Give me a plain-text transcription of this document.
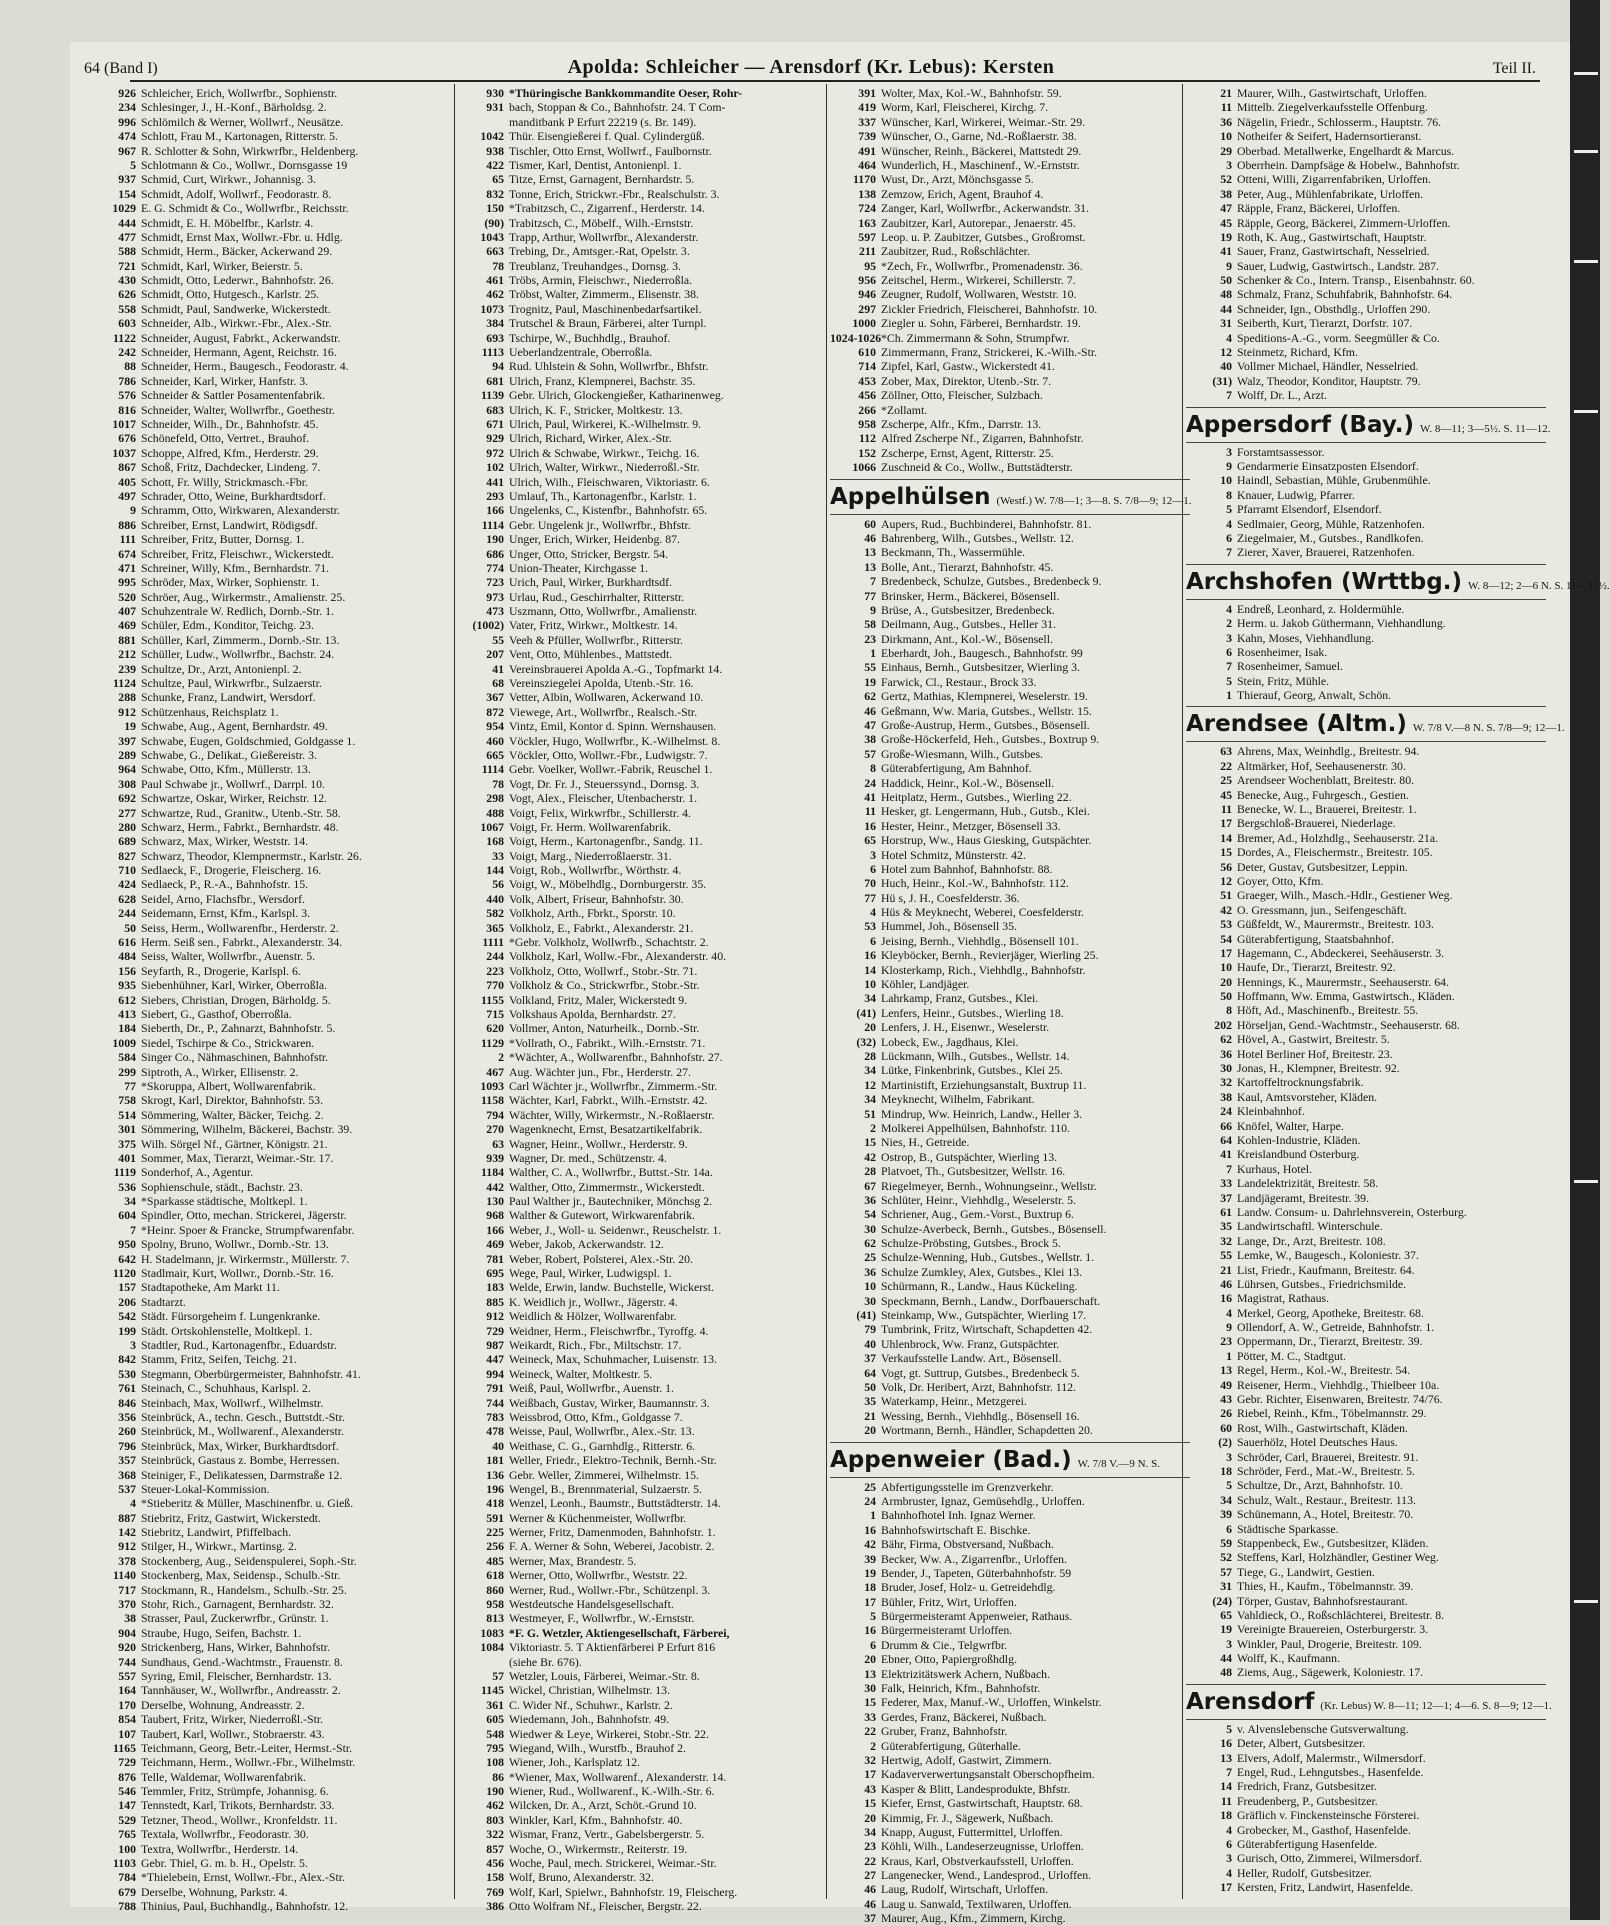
64 (Band I)	Apolda: Schleicher — Arensdorf (Kr. Lebus): Kersten	Teil II.
926 Schleicher, Erich, Wollwrfbr., Sophienstr.
234 Schlesinger, J., H.-Konf., Bärholdsg. 2.
996 Schlömilch & Werner, Wollwrf., Neusätze.
474 Schlott, Frau M., Kartonagen, Ritterstr. 5.
967 R. Schlotter & Sohn, Wirkwrfbr., Heldenberg.
5 Schlotmann & Co., Wollwr., Dornsgasse 19
937 Schmid, Curt, Wirkwr., Johannisg. 3.
154 Schmidt, Adolf, Wollwrf., Feodorastr. 8.
1029 E. G. Schmidt & Co., Wollwrfbr., Reichsstr.
444 Schmidt, E. H. Möbelfbr., Karlstr. 4.
477 Schmidt, Ernst Max, Wollwr.-Fbr. u. Hdlg.
588 Schmidt, Herm., Bäcker, Ackerwand 29.
721 Schmidt, Karl, Wirker, Beierstr. 5.
430 Schmidt, Otto, Lederwr., Bahnhofstr. 26.
626 Schmidt, Otto, Hutgesch., Karlstr. 25.
558 Schmidt, Paul, Sandwerke, Wickerstedt.
603 Schneider, Alb., Wirkwr.-Fbr., Alex.-Str.
1122 Schneider, August, Fabrkt., Ackerwandstr.
242 Schneider, Hermann, Agent, Reichstr. 16.
88 Schneider, Herm., Baugesch., Feodorastr. 4.
786 Schneider, Karl, Wirker, Hanfstr. 3.
576 Schneider & Sattler Posamentenfabrik.
816 Schneider, Walter, Wollwrfbr., Goethestr.
1017 Schneider, Wilh., Dr., Bahnhofstr. 45.
676 Schönefeld, Otto, Vertret., Brauhof.
1037 Schoppe, Alfred, Kfm., Herderstr. 29.
867 Schoß, Fritz, Dachdecker, Lindeng. 7.
405 Schott, Fr. Willy, Strickmasch.-Fbr.
497 Schrader, Otto, Weine, Burkhardtsdorf.
9 Schramm, Otto, Wirkwaren, Alexanderstr.
886 Schreiber, Ernst, Landwirt, Rödigsdf.
111 Schreiber, Fritz, Butter, Dornsg. 1.
674 Schreiber, Fritz, Fleischwr., Wickerstedt.
471 Schreiner, Willy, Kfm., Bernhardstr. 71.
995 Schröder, Max, Wirker, Sophienstr. 1.
520 Schröer, Aug., Wirkermstr., Amalienstr. 25.
407 Schuhzentrale W. Redlich, Dornb.-Str. 1.
469 Schüler, Edm., Konditor, Teichg. 23.
881 Schüller, Karl, Zimmerm., Dornb.-Str. 13.
212 Schüller, Ludw., Wollwrfbr., Bachstr. 24.
239 Schultze, Dr., Arzt, Antonienpl. 2.
1124 Schultze, Paul, Wirkwrfbr., Sulzaerstr.
288 Schunke, Franz, Landwirt, Wersdorf.
912 Schützenhaus, Reichsplatz 1.
19 Schwabe, Aug., Agent, Bernhardstr. 49.
397 Schwabe, Eugen, Goldschmied, Goldgasse 1.
289 Schwabe, G., Delikat., Gießereistr. 3.
964 Schwabe, Otto, Kfm., Müllerstr. 13.
308 Paul Schwabe jr., Wollwrf., Darrpl. 10.
692 Schwartze, Oskar, Wirker, Reichstr. 12.
277 Schwartze, Rud., Granitw., Utenb.-Str. 58.
280 Schwarz, Herm., Fabrkt., Bernhardstr. 48.
689 Schwarz, Max, Wirker, Weststr. 14.
827 Schwarz, Theodor, Klempnermstr., Karlstr. 26.
710 Sedlaeck, F., Drogerie, Fleischerg. 16.
424 Sedlaeck, P., R.-A., Bahnhofstr. 15.
628 Seidel, Arno, Flachsfbr., Wersdorf.
244 Seidemann, Ernst, Kfm., Karlspl. 3.
50 Seiss, Herm., Wollwarenfbr., Herderstr. 2.
616 Herm. Seiß sen., Fabrkt., Alexanderstr. 34.
484 Seiss, Walter, Wollwrfbr., Auenstr. 5.
156 Seyfarth, R., Drogerie, Karlspl. 6.
935 Siebenhühner, Karl, Wirker, Oberroßla.
612 Siebers, Christian, Drogen, Bärholdg. 5.
413 Siebert, G., Gasthof, Oberroßla.
184 Sieberth, Dr., P., Zahnarzt, Bahnhofstr. 5.
1009 Siedel, Tschirpe & Co., Strickwaren.
584 Singer Co., Nähmaschinen, Bahnhofstr.
299 Siptroth, A., Wirker, Ellisenstr. 2.
77 *Skoruppa, Albert, Wollwarenfabrik.
758 Skrogt, Karl, Direktor, Bahnhofstr. 53.
514 Sömmering, Walter, Bäcker, Teichg. 2.
301 Sömmering, Wilhelm, Bäckerei, Bachstr. 39.
375 Wilh. Sörgel Nf., Gärtner, Königstr. 21.
401 Sommer, Max, Tierarzt, Weimar.-Str. 17.
1119 Sonderhof, A., Agentur.
536 Sophienschule, städt., Bachstr. 23.
34 *Sparkasse städtische, Moltkepl. 1.
604 Spindler, Otto, mechan. Strickerei, Jägerstr.
7 *Heinr. Spoer & Francke, Strumpfwarenfabr.
950 Spolny, Bruno, Wollwr., Dornb.-Str. 13.
642 H. Stadelmann, jr. Wirkermstr., Müllerstr. 7.
1120 Stadlmair, Kurt, Wollwr., Dornb.-Str. 16.
157 Stadtapotheke, Am Markt 11.
206 Stadtarzt.
542 Städt. Fürsorgeheim f. Lungenkranke.
199 Städt. Ortskohlenstelle, Moltkepl. 1.
3 Stadtler, Rud., Kartonagenfbr., Eduardstr.
842 Stamm, Fritz, Seifen, Teichg. 21.
530 Stegmann, Oberbürgermeister, Bahnhofstr. 41.
761 Steinach, C., Schuhhaus, Karlspl. 2.
846 Steinbach, Max, Wollwrf., Wilhelmstr.
356 Steinbrück, A., techn. Gesch., Buttstdt.-Str.
260 Steinbrück, M., Wollwarenf., Alexanderstr.
796 Steinbrück, Max, Wirker, Burkhardtsdorf.
357 Steinbrück, Gastaus z. Bombe, Herressen.
368 Steiniger, F., Delikatessen, Darmstraße 12.
537 Steuer-Lokal-Kommission.
4 *Stieberitz & Müller, Maschinenfbr. u. Gieß.
887 Stiebritz, Fritz, Gastwirt, Wickerstedt.
142 Stiebritz, Landwirt, Pfiffelbach.
912 Stilger, H., Wirkwr., Martinsg. 2.
378 Stockenberg, Aug., Seidenspulerei, Soph.-Str.
1140 Stockenberg, Max, Seidensp., Schulb.-Str.
717 Stockmann, R., Handelsm., Schulb.-Str. 25.
370 Stohr, Rich., Garnagent, Bernhardstr. 32.
38 Strasser, Paul, Zuckerwrfbr., Grünstr. 1.
904 Straube, Hugo, Seifen, Bachstr. 1.
920 Strickenberg, Hans, Wirker, Bahnhofstr.
744 Sundhaus, Gend.-Wachtmstr., Frauenstr. 8.
557 Syring, Emil, Fleischer, Bernhardstr. 13.
164 Tannhäuser, W., Wollwrfbr., Andreasstr. 2.
170 Derselbe, Wohnung, Andreasstr. 2.
854 Taubert, Fritz, Wirker, Niederroßl.-Str.
107 Taubert, Karl, Wollwr., Stobraerstr. 43.
1165 Teichmann, Georg, Betr.-Leiter, Hermst.-Str.
729 Teichmann, Herm., Wollwr.-Fbr., Wilhelmstr.
876 Telle, Waldemar, Wollwarenfabrik.
546 Temmler, Fritz, Strümpfe, Johannisg. 6.
147 Tennstedt, Karl, Trikots, Bernhardstr. 33.
529 Tetzner, Theod., Wollwr., Kronfeldstr. 11.
765 Textala, Wollwrfbr., Feodorastr. 30.
100 Textra, Wollwrfbr., Herderstr. 14.
1103 Gebr. Thiel, G. m. b. H., Opelstr. 5.
784 *Thielebein, Ernst, Wollwr.-Fbr., Alex.-Str.
679 Derselbe, Wohnung, Parkstr. 4.
788 Thinius, Paul, Buchhandlg., Bahnhofstr. 12.
930 *Thüringische Bankkommandite Oeser, Rohr-
931 bach, Stoppan & Co., Bahnhofstr. 24. T Com-
manditbank P Erfurt 22219 (s. Br. 149).
1042 Thür. Eisengießerei f. Qual. Cylindergüß.
938 Tischler, Otto Ernst, Wollwrf., Faulbornstr.
422 Tismer, Karl, Dentist, Antonienpl. 1.
65 Titze, Ernst, Garnagent, Bernhardstr. 5.
832 Tonne, Erich, Strickwr.-Fbr., Realschulstr. 3.
150 *Trabitzsch, C., Zigarrenf., Herderstr. 14.
(90) Trabitzsch, C., Möbelf., Wilh.-Ernststr.
1043 Trapp, Arthur, Wollwrfbr., Alexanderstr.
663 Trebing, Dr., Amtsger.-Rat, Opelstr. 3.
78 Treublanz, Treuhandges., Dornsg. 3.
461 Tröbs, Armin, Fleischwr., Niederroßla.
462 Tröbst, Walter, Zimmerm., Elisenstr. 38.
1073 Trognitz, Paul, Maschinenbedarfsartikel.
384 Trutschel & Braun, Färberei, alter Turnpl.
693 Tschirpe, W., Buchhdlg., Brauhof.
1113 Ueberlandzentrale, Oberroßla.
94 Rud. Uhlstein & Sohn, Wollwrfbr., Bhfstr.
681 Ulrich, Franz, Klempnerei, Bachstr. 35.
1139 Gebr. Ulrich, Glockengießer, Katharinenweg.
683 Ulrich, K. F., Stricker, Moltkestr. 13.
671 Ulrich, Paul, Wirkerei, K.-Wilhelmstr. 9.
929 Ulrich, Richard, Wirker, Alex.-Str.
972 Ulrich & Schwabe, Wirkwr., Teichg. 16.
102 Ulrich, Walter, Wirkwr., Niederroßl.-Str.
441 Ulrich, Wilh., Fleischwaren, Viktoriastr. 6.
293 Umlauf, Th., Kartonagenfbr., Karlstr. 1.
166 Ungelenks, C., Kistenfbr., Bahnhofstr. 65.
1114 Gebr. Ungelenk jr., Wollwrfbr., Bhfstr.
190 Unger, Erich, Wirker, Heidenbg. 87.
686 Unger, Otto, Stricker, Bergstr. 54.
774 Union-Theater, Kirchgasse 1.
723 Urich, Paul, Wirker, Burkhardtsdf.
973 Urlau, Rud., Geschirrhalter, Ritterstr.
473 Uszmann, Otto, Wollwrfbr., Amalienstr.
(1002) Vater, Fritz, Wirkwr., Moltkestr. 14.
55 Veeh & Pfüller, Wollwrfbr., Ritterstr.
207 Vent, Otto, Mühlenbes., Mattstedt.
41 Vereinsbrauerei Apolda A.-G., Topfmarkt 14.
68 Vereinsziegelei Apolda, Utenb.-Str. 16.
367 Vetter, Albin, Wollwaren, Ackerwand 10.
872 Viewege, Art., Wollwrfbr., Realsch.-Str.
954 Vintz, Emil, Kontor d. Spinn. Wernshausen.
460 Vöckler, Hugo, Wollwrfbr., K.-Wilhelmst. 8.
665 Vöckler, Otto, Wollwr.-Fbr., Ludwigstr. 7.
1114 Gebr. Voelker, Wollwr.-Fabrik, Reuschel 1.
78 Vogt, Dr. Fr. J., Steuerssynd., Dornsg. 3.
298 Vogt, Alex., Fleischer, Utenbacherstr. 1.
488 Voigt, Felix, Wirkwrfbr., Schillerstr. 4.
1067 Voigt, Fr. Herm. Wollwarenfabrik.
168 Voigt, Herm., Kartonagenfbr., Sandg. 11.
33 Voigt, Marg., Niederroßlaerstr. 31.
144 Voigt, Rob., Wollwrfbr., Wörthstr. 4.
56 Voigt, W., Möbelhdlg., Dornburgerstr. 35.
440 Volk, Albert, Friseur, Bahnhofstr. 30.
582 Volkholz, Arth., Fbrkt., Sporstr. 10.
365 Volkholz, E., Fabrkt., Alexanderstr. 21.
1111 *Gebr. Volkholz, Wollwrfb., Schachtstr. 2.
244 Volkholz, Karl, Wollw.-Fbr., Alexanderstr. 40.
223 Volkholz, Otto, Wollwrf., Stobr.-Str. 71.
770 Volkholz & Co., Strickwrfbr., Stobr.-Str.
1155 Volkland, Fritz, Maler, Wickerstedt 9.
715 Volkshaus Apolda, Bernhardstr. 27.
620 Vollmer, Anton, Naturheilk., Dornb.-Str.
1129 *Vollrath, O., Fabrikt., Wilh.-Ernststr. 71.
2 *Wächter, A., Wollwarenfbr., Bahnhofstr. 27.
467 Aug. Wächter jun., Fbr., Herderstr. 27.
1093 Carl Wächter jr., Wollwrfbr., Zimmerm.-Str.
1158 Wächter, Karl, Fabrkt., Wilh.-Ernststr. 42.
794 Wächter, Willy, Wirkermstr., N.-Roßlaerstr.
270 Wagenknecht, Ernst, Besatzartikelfabrik.
63 Wagner, Heinr., Wollwr., Herderstr. 9.
939 Wagner, Dr. med., Schützenstr. 4.
1184 Walther, C. A., Wollwrfbr., Buttst.-Str. 14a.
442 Walther, Otto, Zimmermstr., Wickerstedt.
130 Paul Walther jr., Bautechniker, Mönchsg 2.
968 Walther & Gutewort, Wirkwarenfabrik.
166 Weber, J., Woll- u. Seidenwr., Reuschelstr. 1.
469 Weber, Jakob, Ackerwandstr. 12.
781 Weber, Robert, Polsterei, Alex.-Str. 20.
695 Wege, Paul, Wirker, Ludwigspl. 1.
183 Welde, Erwin, landw. Buchstelle, Wickerst.
885 K. Weidlich jr., Wollwr., Jägerstr. 4.
912 Weidlich & Hölzer, Wollwarenfabr.
729 Weidner, Herm., Fleischwrfbr., Tyroffg. 4.
987 Weikardt, Rich., Fbr., Miltschstr. 17.
447 Weineck, Max, Schuhmacher, Luisenstr. 13.
994 Weineck, Walter, Moltkestr. 5.
791 Weiß, Paul, Wollwrfbr., Auenstr. 1.
744 Weißbach, Gustav, Wirker, Baumannstr. 3.
783 Weissbrod, Otto, Kfm., Goldgasse 7.
478 Weisse, Paul, Wollwrfbr., Alex.-Str. 13.
40 Weithase, C. G., Garnhdlg., Ritterstr. 6.
181 Weller, Friedr., Elektro-Technik, Bernh.-Str.
136 Gebr. Weller, Zimmerei, Wilhelmstr. 15.
196 Wengel, B., Brennmaterial, Sulzaerstr. 5.
418 Wenzel, Leonh., Baumstr., Buttstädterstr. 14.
591 Werner & Küchenmeister, Wollwrfbr.
225 Werner, Fritz, Damenmoden, Bahnhofstr. 1.
256 F. A. Werner & Sohn, Weberei, Jacobistr. 2.
485 Werner, Max, Brandestr. 5.
618 Werner, Otto, Wollwrfbr., Weststr. 22.
860 Werner, Rud., Wollwr.-Fbr., Schützenpl. 3.
958 Westdeutsche Handelsgesellschaft.
813 Westmeyer, F., Wollwrfbr., W.-Ernststr.
1083 *F. G. Wetzler, Aktiengesellschaft, Färberei,
1084 Viktoriastr. 5. T Aktienfärberei P Erfurt 816
(siehe Br. 676).
57 Wetzler, Louis, Färberei, Weimar.-Str. 8.
1145 Wickel, Christian, Wilhelmstr. 13.
361 C. Wider Nf., Schuhwr., Karlstr. 2.
605 Wiedemann, Joh., Bahnhofstr. 49.
548 Wiedwer & Leye, Wirkerei, Stobr.-Str. 22.
795 Wiegand, Wilh., Wurstfb., Brauhof 2.
108 Wiener, Joh., Karlsplatz 12.
86 *Wiener, Max, Wollwarenf., Alexanderstr. 14.
190 Wiener, Rud., Wollwarenf., K.-Wilh.-Str. 6.
462 Wilcken, Dr. A., Arzt, Schöt.-Grund 10.
803 Winkler, Karl, Kfm., Bahnhofstr. 40.
322 Wismar, Franz, Vertr., Gabelsbergerstr. 5.
857 Woche, O., Wirkermstr., Reiterstr. 19.
456 Woche, Paul, mech. Strickerei, Weimar.-Str.
158 Wolf, Bruno, Alexanderstr. 32.
769 Wolf, Karl, Spielwr., Bahnhofstr. 19, Fleischerg.
386 Otto Wolfram Nf., Fleischer, Bergstr. 22.
391 Wolter, Max, Kol.-W., Bahnhofstr. 59.
419 Worm, Karl, Fleischerei, Kirchg. 7.
337 Wünscher, Karl, Wirkerei, Weimar.-Str. 29.
739 Wünscher, O., Garne, Nd.-Roßlaerstr. 38.
491 Wünscher, Reinh., Bäckerei, Mattstedt 29.
464 Wunderlich, H., Maschinenf., W.-Ernststr.
1170 Wust, Dr., Arzt, Mönchsgasse 5.
138 Zemzow, Erich, Agent, Brauhof 4.
724 Zanger, Karl, Wollwrfbr., Ackerwandstr. 31.
163 Zaubitzer, Karl, Autorepar., Jenaerstr. 45.
597 Leop. u. P. Zaubitzer, Gutsbes., Großromst.
211 Zaubitzer, Rud., Roßschlächter.
95 *Zech, Fr., Wollwrfbr., Promenadenstr. 36.
956 Zeitschel, Herm., Wirkerei, Schillerstr. 7.
946 Zeugner, Rudolf, Wollwaren, Weststr. 10.
297 Zickler Friedrich, Fleischerei, Bahnhofstr. 10.
1000 Ziegler u. Sohn, Färberei, Bernhardstr. 19.
1024-1026*Ch. Zimmermann & Sohn, Strumpfwr.
610 Zimmermann, Franz, Strickerei, K.-Wilh.-Str.
714 Zipfel, Karl, Gastw., Wickerstedt 41.
453 Zober, Max, Direktor, Utenb.-Str. 7.
456 Zöllner, Otto, Fleischer, Sulzbach.
266 *Zollamt.
958 Zscherpe, Alfr., Kfm., Darrstr. 13.
112 Alfred Zscherpe Nf., Zigarren, Bahnhofstr.
152 Zscherpe, Ernst, Agent, Ritterstr. 25.
1066 Zuschneid & Co., Wollw., Buttstädterstr.
Appelhülsen (Westf.) W. 7/8—1; 3—8. S. 7/8—9; 12—1.
60 Aupers, Rud., Buchbinderei, Bahnhofstr. 81.
46 Bahrenberg, Wilh., Gutsbes., Wellstr. 12.
13 Beckmann, Th., Wassermühle.
13 Bolle, Ant., Tierarzt, Bahnhofstr. 45.
7 Bredenbeck, Schulze, Gutsbes., Bredenbeck 9.
77 Brinsker, Herm., Bäckerei, Bösensell.
9 Brüse, A., Gutsbesitzer, Bredenbeck.
58 Deilmann, Aug., Gutsbes., Heller 31.
23 Dirkmann, Ant., Kol.-W., Bösensell.
1 Eberhardt, Joh., Baugesch., Bahnhofstr. 99
55 Einhaus, Bernh., Gutsbesitzer, Wierling 3.
19 Farwick, Cl., Restaur., Brock 33.
62 Gertz, Mathias, Klempnerei, Weselerstr. 19.
46 Geßmann, Ww. Maria, Gutsbes., Wellstr. 15.
47 Große-Austrup, Herm., Gutsbes., Bösensell.
38 Große-Höckerfeld, Heh., Gutsbes., Boxtrup 9.
57 Große-Wiesmann, Wilh., Gutsbes.
8 Güterabfertigung, Am Bahnhof.
24 Haddick, Heinr., Kol.-W., Bösensell.
41 Heitplatz, Herm., Gutsbes., Wierling 22.
11 Hesker, gt. Lengermann, Hub., Gutsb., Klei.
16 Hester, Heinr., Metzger, Bösensell 33.
65 Horstrup, Ww., Haus Giesking, Gutspächter.
3 Hotel Schmitz, Münsterstr. 42.
6 Hotel zum Bahnhof, Bahnhofstr. 88.
70 Huch, Heinr., Kol.-W., Bahnhofstr. 112.
77 Hü s, J. H., Coesfelderstr. 36.
4 Hüs & Meyknecht, Weberei, Coesfelderstr.
53 Hummel, Joh., Bösensell 35.
6 Jeising, Bernh., Viehhdlg., Bösensell 101.
16 Kleyböcker, Bernh., Revierjäger, Wierling 25.
14 Klosterkamp, Rich., Viehhdlg., Bahnhofstr.
10 Köhler, Landjäger.
34 Lahrkamp, Franz, Gutsbes., Klei.
(41) Lenfers, Heinr., Gutsbes., Wierling 18.
20 Lenfers, J. H., Eisenwr., Weselerstr.
(32) Lobeck, Ew., Jagdhaus, Klei.
28 Lückmann, Wilh., Gutsbes., Wellstr. 14.
34 Lütke, Finkenbrink, Gutsbes., Klei 25.
12 Martinistift, Erziehungsanstalt, Buxtrup 11.
34 Meyknecht, Wilhelm, Fabrikant.
51 Mindrup, Ww. Heinrich, Landw., Heller 3.
2 Molkerei Appelhülsen, Bahnhofstr. 110.
15 Nies, H., Getreide.
42 Ostrop, B., Gutspächter, Wierling 13.
28 Platvoet, Th., Gutsbesitzer, Wellstr. 16.
67 Riegelmeyer, Bernh., Wohnungseinr., Wellstr.
36 Schlüter, Heinr., Viehhdlg., Weselerstr. 5.
54 Schriener, Aug., Gem.-Vorst., Buxtrup 6.
30 Schulze-Averbeck, Bernh., Gutsbes., Bösensell.
62 Schulze-Pröbsting, Gutsbes., Brock 5.
25 Schulze-Wenning, Hub., Gutsbes., Wellstr. 1.
36 Schulze Zumkley, Alex, Gutsbes., Klei 13.
10 Schürmann, R., Landw., Haus Kückeling.
30 Speckmann, Bernh., Landw., Dorfbauerschaft.
(41) Steinkamp, Ww., Gutspächter, Wierling 17.
79 Tumbrink, Fritz, Wirtschaft, Schapdetten 42.
40 Uhlenbrock, Ww. Franz, Gutspächter.
37 Verkaufsstelle Landw. Art., Bösensell.
64 Vogt, gt. Suttrup, Gutsbes., Bredenbeck 5.
50 Volk, Dr. Heribert, Arzt, Bahnhofstr. 112.
35 Waterkamp, Heinr., Metzgerei.
21 Wessing, Bernh., Viehhdlg., Bösensell 16.
20 Wortmann, Bernh., Händler, Schapdetten 20.
Appenweier (Bad.) W. 7/8 V.—9 N. S.
25 Abfertigungsstelle im Grenzverkehr.
24 Armbruster, Ignaz, Gemüsehdlg., Urloffen.
1 Bahnhofhotel Inh. Ignaz Werner.
16 Bahnhofswirtschaft E. Bischke.
42 Bähr, Firma, Obstversand, Nußbach.
39 Becker, Ww. A., Zigarrenfbr., Urloffen.
19 Bender, J., Tapeten, Güterbahnhofstr. 59
18 Bruder, Josef, Holz- u. Getreidehdlg.
17 Bühler, Fritz, Wirt, Urloffen.
5 Bürgermeisteramt Appenweier, Rathaus.
16 Bürgermeisteramt Urloffen.
6 Drumm & Cie., Telgwrfbr.
20 Ebner, Otto, Papiergroßhdlg.
13 Elektrizitätswerk Achern, Nußbach.
30 Falk, Heinrich, Kfm., Bahnhofstr.
15 Federer, Max, Manuf.-W., Urloffen, Winkelstr.
33 Gerdes, Franz, Bäckerei, Nußbach.
22 Gruber, Franz, Bahnhofstr.
2 Güterabfertigung, Güterhalle.
32 Hertwig, Adolf, Gastwirt, Zimmern.
17 Kadaververwertungsanstalt Oberschopfheim.
43 Kasper & Blitt, Landesprodukte, Bhfstr.
15 Kiefer, Ernst, Gastwirtschaft, Hauptstr. 68.
20 Kimmig, Fr. J., Sägewerk, Nußbach.
34 Knapp, August, Futtermittel, Urloffen.
23 Köhli, Wilh., Landeserzeugnisse, Urloffen.
22 Kraus, Karl, Obstverkaufsstell, Urloffen.
27 Langenecker, Wend., Landesprod., Urloffen.
46 Laug, Rudolf, Wirtschaft, Urloffen.
46 Laug u. Sanwald, Textilwaren, Urloffen.
37 Maurer, Aug., Kfm., Zimmern, Kirchg.
21 Maurer, Wilh., Gastwirtschaft, Urloffen.
11 Mittelb. Ziegelverkaufsstelle Offenburg.
36 Nägelin, Friedr., Schlosserm., Hauptstr. 76.
10 Notheifer & Seifert, Hadernsortieranst.
29 Oberbad. Metallwerke, Engelhardt & Marcus.
3 Oberrhein. Dampfsäge & Hobelw., Bahnhofstr.
52 Otteni, Willi, Zigarrenfabriken, Urloffen.
38 Peter, Aug., Mühlenfabrikate, Urloffen.
47 Räpple, Franz, Bäckerei, Urloffen.
45 Räpple, Georg, Bäckerei, Zimmern-Urloffen.
19 Roth, K. Aug., Gastwirtschaft, Hauptstr.
41 Sauer, Franz, Gastwirtschaft, Nesselried.
9 Sauer, Ludwig, Gastwirtsch., Landstr. 287.
50 Schenker & Co., Intern. Transp., Eisenbahnstr. 60.
48 Schmalz, Franz, Schuhfabrik, Bahnhofstr. 64.
44 Schneider, Ign., Obsthdlg., Urloffen 290.
31 Seiberth, Kurt, Tierarzt, Dorfstr. 107.
4 Speditions-A.-G., vorm. Seegmüller & Co.
12 Steinmetz, Richard, Kfm.
40 Vollmer Michael, Händler, Nesselried.
(31) Walz, Theodor, Konditor, Hauptstr. 79.
7 Wolff, Dr. L., Arzt.
Appersdorf (Bay.) W. 8—11; 3—5½. S. 11—12.
3 Forstamtsassessor.
9 Gendarmerie Einsatzposten Elsendorf.
10 Haindl, Sebastian, Mühle, Grubenmühle.
8 Knauer, Ludwig, Pfarrer.
5 Pfarramt Elsendorf, Elsendorf.
4 Sedlmaier, Georg, Mühle, Ratzenhofen.
6 Ziegelmaier, M., Gutsbes., Randlkofen.
7 Zierer, Xaver, Brauerei, Ratzenhofen.
Archshofen (Wrttbg.) W. 8—12; 2—6 N. S. 11—12½.
4 Endreß, Leonhard, z. Holdermühle.
2 Herm. u. Jakob Güthermann, Viehhandlung.
3 Kahn, Moses, Viehhandlung.
6 Rosenheimer, Isak.
7 Rosenheimer, Samuel.
5 Stein, Fritz, Mühle.
1 Thierauf, Georg, Anwalt, Schön.
Arendsee (Altm.) W. 7/8 V.—8 N. S. 7/8—9; 12—1.
63 Ahrens, Max, Weinhdlg., Breitestr. 94.
22 Altmärker, Hof, Seehausenerstr. 30.
25 Arendseer Wochenblatt, Breitestr. 80.
45 Benecke, Aug., Fuhrgesch., Gestien.
11 Benecke, W. L., Brauerei, Breitestr. 1.
17 Bergschloß-Brauerei, Niederlage.
14 Bremer, Ad., Holzhdlg., Seehauserstr. 21a.
15 Dordes, A., Fleischermstr., Breitestr. 105.
56 Deter, Gustav, Gutsbesitzer, Leppin.
12 Goyer, Otto, Kfm.
51 Graeger, Wilh., Masch.-Hdlr., Gestiener Weg.
42 O. Gressmann, jun., Seifengeschäft.
53 Güßfeldt, W., Maurermstr., Breitestr. 103.
54 Güterabfertigung, Staatsbahnhof.
17 Hagemann, C., Abdeckerei, Seehäuserstr. 3.
10 Haufe, Dr., Tierarzt, Breitestr. 92.
20 Hennings, K., Maurermstr., Seehauserstr. 64.
50 Hoffmann, Ww. Emma, Gastwirtsch., Kläden.
8 Höft, Ad., Maschinenfb., Breitestr. 55.
202 Hörseljan, Gend.-Wachtmstr., Seehauserstr. 68.
62 Hövel, A., Gastwirt, Breitestr. 5.
36 Hotel Berliner Hof, Breitestr. 23.
30 Jonas, H., Klempner, Breitestr. 92.
32 Kartoffeltrocknungsfabrik.
38 Kaul, Amtsvorsteher, Kläden.
24 Kleinbahnhof.
66 Knöfel, Walter, Harpe.
64 Kohlen-Industrie, Kläden.
41 Kreislandbund Osterburg.
7 Kurhaus, Hotel.
33 Landelektrizität, Breitestr. 58.
37 Landjägeramt, Breitestr. 39.
61 Landw. Consum- u. Dahrlehnsverein, Osterburg.
35 Landwirtschaftl. Winterschule.
32 Lange, Dr., Arzt, Breitestr. 108.
55 Lemke, W., Baugesch., Koloniestr. 37.
21 List, Friedr., Kaufmann, Breitestr. 64.
46 Lührsen, Gutsbes., Friedrichsmilde.
16 Magistrat, Rathaus.
4 Merkel, Georg, Apotheke, Breitestr. 68.
9 Ollendorf, A. W., Getreide, Bahnhofstr. 1.
23 Oppermann, Dr., Tierarzt, Breitestr. 39.
1 Pötter, M. C., Stadtgut.
13 Regel, Herm., Kol.-W., Breitestr. 54.
49 Reisener, Herm., Viehhdlg., Thielbeer 10a.
43 Gebr. Richter, Eisenwaren, Breitestr. 74/76.
26 Riebel, Reinh., Kfm., Töbelmannstr. 29.
60 Rost, Wilh., Gastwirtschaft, Kläden.
(2) Sauerhölz, Hotel Deutsches Haus.
3 Schröder, Carl, Brauerei, Breitestr. 91.
18 Schröder, Ferd., Mat.-W., Breitestr. 5.
5 Schultze, Dr., Arzt, Bahnhofstr. 10.
34 Schulz, Walt., Restaur., Breitestr. 113.
39 Schünemann, A., Hotel, Breitestr. 70.
6 Städtische Sparkasse.
59 Stappenbeck, Ew., Gutsbesitzer, Kläden.
52 Steffens, Karl, Holzhändler, Gestiner Weg.
57 Tiege, G., Landwirt, Gestien.
31 Thies, H., Kaufm., Töbelmannstr. 39.
(24) Törper, Gustav, Bahnhofsrestaurant.
65 Vahldieck, O., Roßschlächterei, Breitestr. 8.
19 Vereinigte Brauereien, Osterburgerstr. 3.
3 Winkler, Paul, Drogerie, Breitestr. 109.
44 Wolff, K., Kaufmann.
48 Ziems, Aug., Sägewerk, Koloniestr. 17.
Arensdorf (Kr. Lebus) W. 8—11; 12—1; 4—6. S. 8—9; 12—1.
5 v. Alvenslebensche Gutsverwaltung.
16 Deter, Albert, Gutsbesitzer.
13 Elvers, Adolf, Malermstr., Wilmersdorf.
7 Engel, Rud., Lehngutsbes., Hasenfelde.
14 Fredrich, Franz, Gutsbesitzer.
11 Freudenberg, P., Gutsbesitzer.
18 Gräflich v. Finckensteinsche Försterei.
4 Grobecker, M., Gasthof, Hasenfelde.
6 Güterabfertigung Hasenfelde.
3 Gurisch, Otto, Zimmerei, Wilmersdorf.
4 Heller, Rudolf, Gutsbesitzer.
17 Kersten, Fritz, Landwirt, Hasenfelde.
